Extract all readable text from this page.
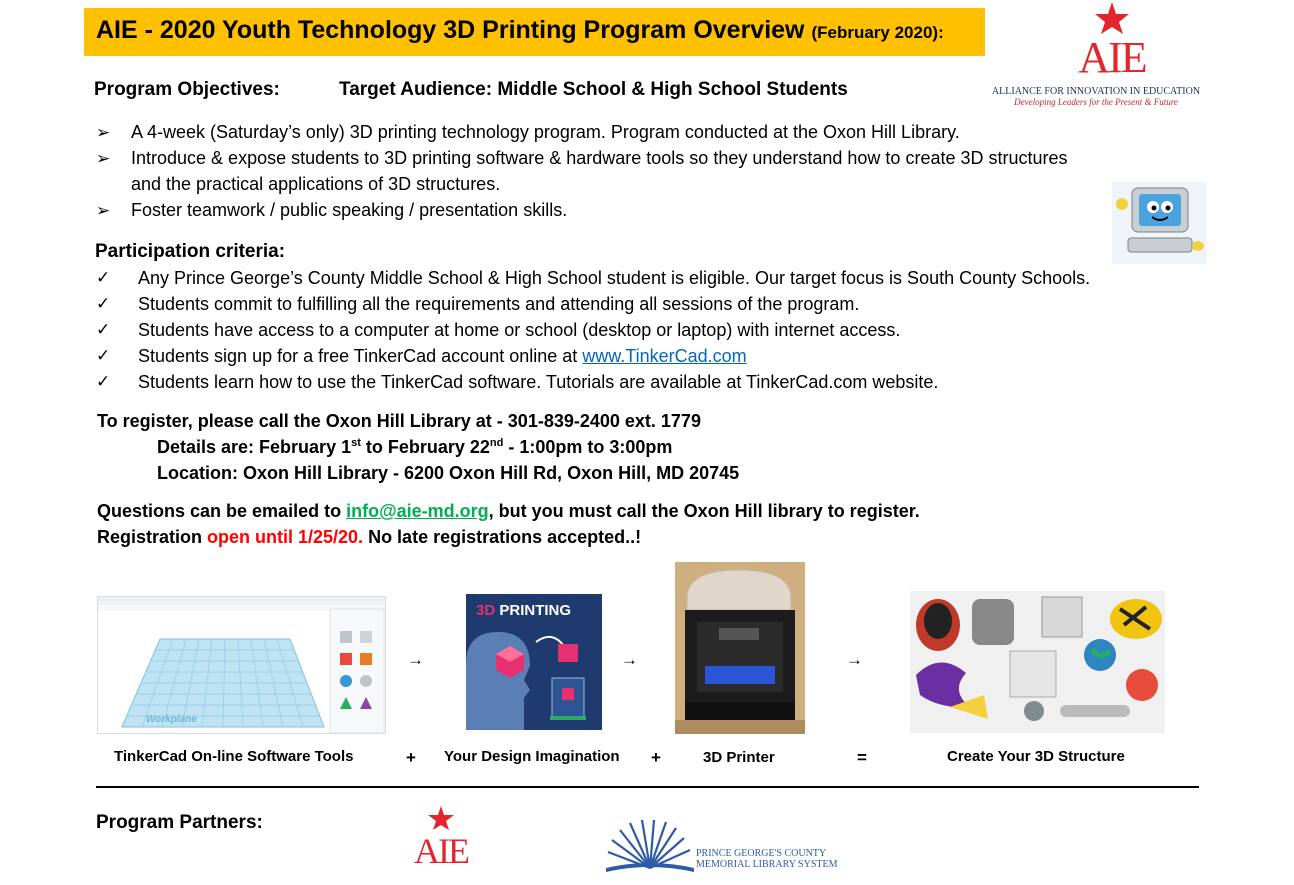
AIE - 2020 Youth Technology 3D Printing Program Overview (February 2020):
AIE
ALLIANCE FOR INNOVATION IN EDUCATION
Developing Leaders for the Present & Future
Program Objectives:	Target Audience: Middle School & High School Students
➢ A 4-week (Saturday’s only) 3D printing technology program. Program conducted at the Oxon Hill Library.
➢ Introduce & expose students to 3D printing software & hardware tools so they understand how to create 3D structures
and the practical applications of 3D structures.
➢ Foster teamwork / public speaking / presentation skills.
Participation criteria:
✓ Any Prince George’s County Middle School & High School student is eligible. Our target focus is South County Schools.
✓ Students commit to fulfilling all the requirements and attending all sessions of the program.
✓ Students have access to a computer at home or school (desktop or laptop) with internet access.
✓ Students sign up for a free TinkerCad account online at www.TinkerCad.com
✓ Students learn how to use the TinkerCad software. Tutorials are available at TinkerCad.com website.
To register, please call the Oxon Hill Library at - 301-839-2400 ext. 1779
Details are: February 1st to February 22nd - 1:00pm to 3:00pm
Location: Oxon Hill Library - 6200 Oxon Hill Rd, Oxon Hill, MD 20745
Questions can be emailed to info@aie-md.org, but you must call the Oxon Hill library to register.
Registration open until 1/25/20. No late registrations accepted..!
Workplane
→
3D PRINTING
→	→
TinkerCad On-line Software Tools	+ Your Design Imagination +	3D Printer	=	Create Your 3D Structure
Program Partners:
AIE	PRINCE GEORGE'S COUNTY
MEMORIAL LIBRARY SYSTEM
